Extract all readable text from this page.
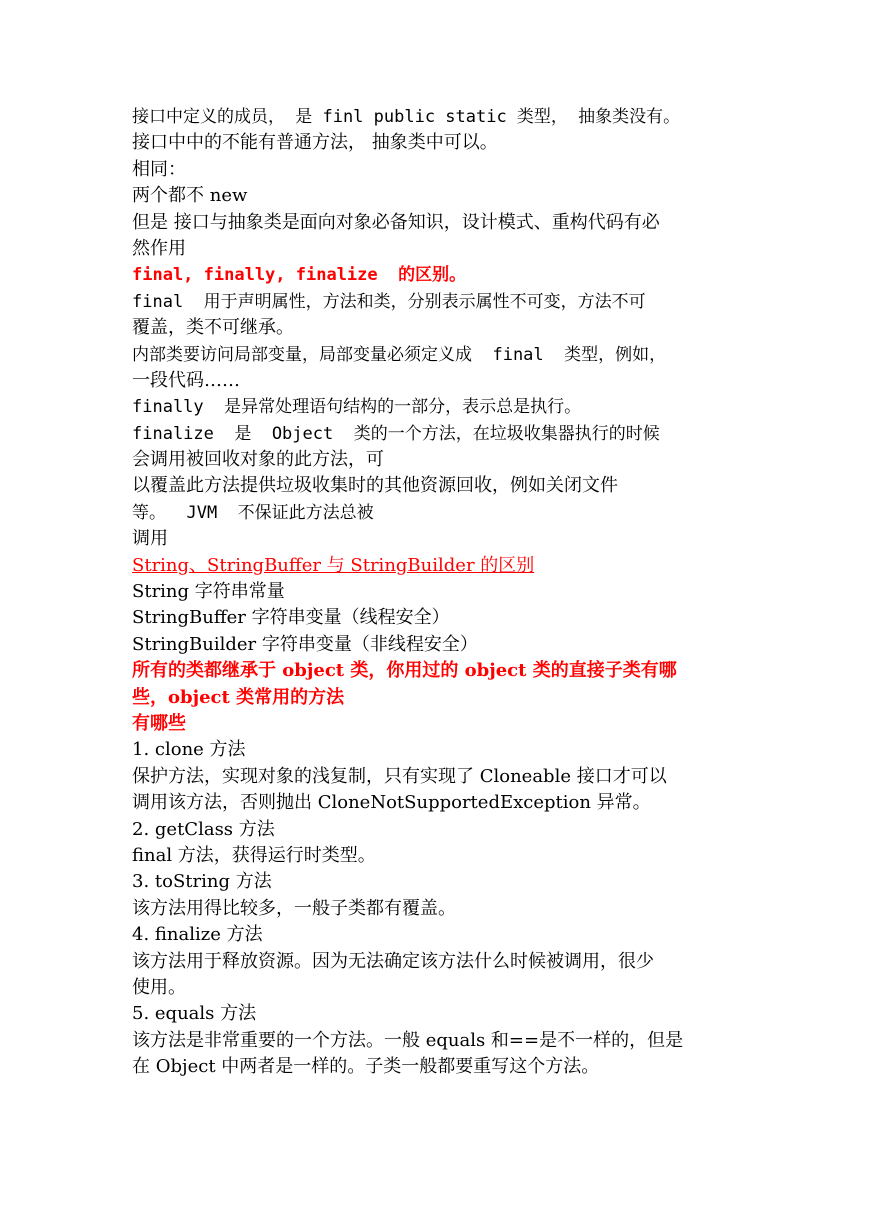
接口中定义的成员， 是 finl public static 类型， 抽象类没有。
接口中中的不能有普通方法， 抽象类中可以。
相同：
两个都不 new
但是 接口与抽象类是面向对象必备知识，设计模式、重构代码有必
然作用
final, finally, finalize  的区别。
final  用于声明属性，方法和类，分别表示属性不可变，方法不可
覆盖，类不可继承。
内部类要访问局部变量，局部变量必须定义成  final  类型，例如，
一段代码……
finally  是异常处理语句结构的一部分，表示总是执行。
finalize  是  Object  类的一个方法，在垃圾收集器执行的时候
会调用被回收对象的此方法，可
以覆盖此方法提供垃圾收集时的其他资源回收，例如关闭文件
等。  JVM  不保证此方法总被
调用
String、StringBuffer 与 StringBuilder 的区别
String 字符串常量
StringBuffer 字符串变量（线程安全）
StringBuilder 字符串变量（非线程安全）
所有的类都继承于 object 类，你用过的 object 类的直接子类有哪
些，object 类常用的方法
有哪些
1. clone 方法
保护方法，实现对象的浅复制，只有实现了 Cloneable 接口才可以
调用该方法，否则抛出 CloneNotSupportedException 异常。
2. getClass 方法
final 方法，获得运行时类型。
3. toString 方法
该方法用得比较多，一般子类都有覆盖。
4. finalize 方法
该方法用于释放资源。因为无法确定该方法什么时候被调用，很少
使用。
5. equals 方法
该方法是非常重要的一个方法。一般 equals 和==是不一样的，但是
在 Object 中两者是一样的。子类一般都要重写这个方法。
